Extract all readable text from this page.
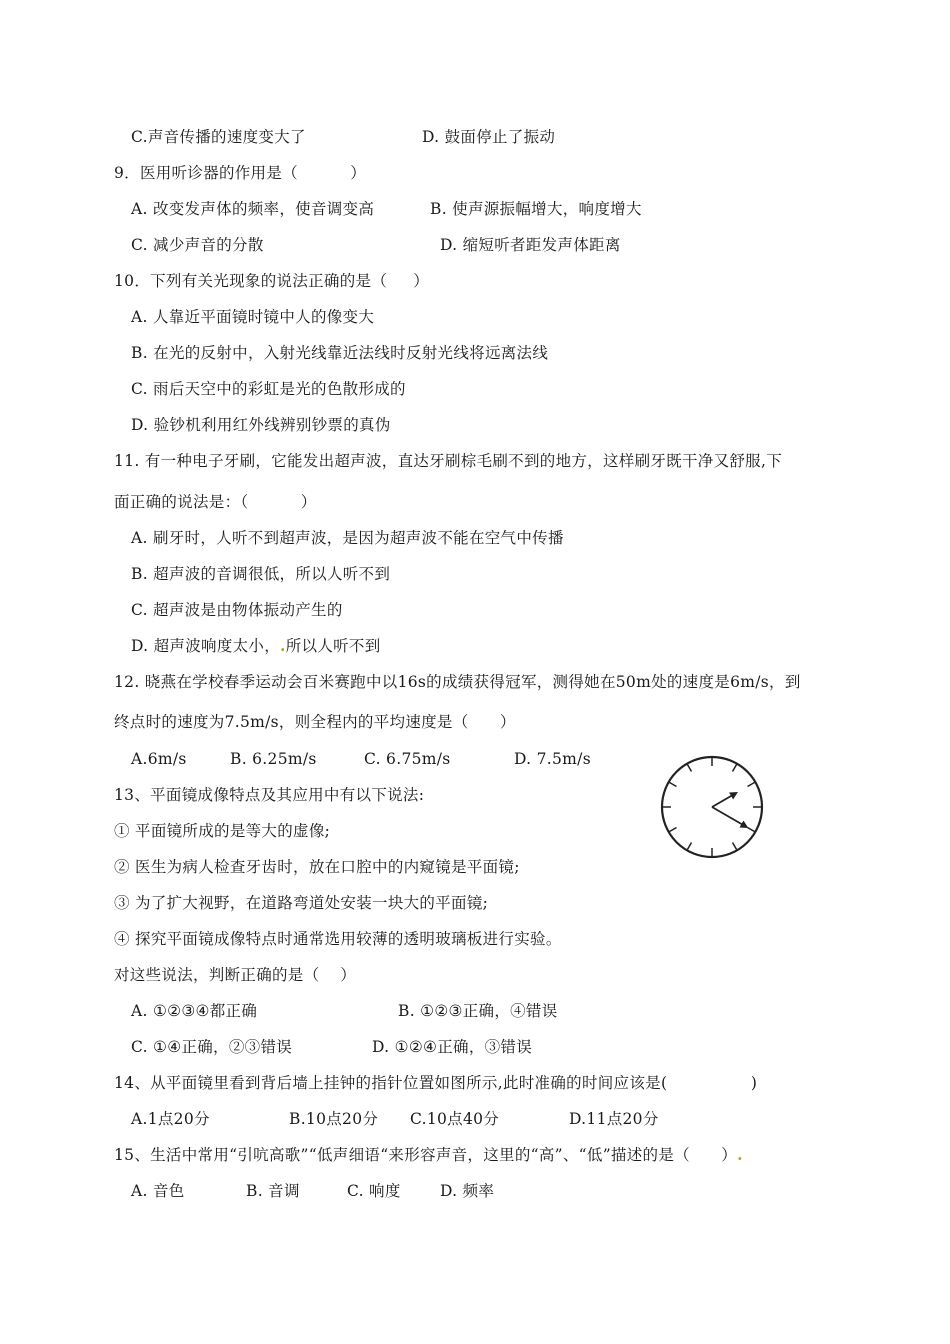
C.声音传播的速度变大了	D. 鼓面停止了振动
9．医用听诊器的作用是（          ）
A. 改变发声体的频率，使音调变高	B. 使声源振幅增大，响度增大
C. 减少声音的分散	D. 缩短听者距发声体距离
10．下列有关光现象的说法正确的是（     ）
A. 人靠近平面镜时镜中人的像变大
B. 在光的反射中，入射光线靠近法线时反射光线将远离法线
C. 雨后天空中的彩虹是光的色散形成的
D. 验钞机利用红外线辨别钞票的真伪
11. 有一种电子牙刷，它能发出超声波，直达牙刷棕毛刷不到的地方，这样刷牙既干净又舒服,下
面正确的说法是：（          ）
A. 刷牙时，人听不到超声波，是因为超声波不能在空气中传播
B. 超声波的音调很低，所以人听不到
C. 超声波是由物体振动产生的
D. 超声波响度太小，.所以人听不到
12. 晓燕在学校春季运动会百米赛跑中以16s的成绩获得冠军，测得她在50m处的速度是6m/s，到
终点时的速度为7.5m/s，则全程内的平均速度是（      ）
A.6m/s	B. 6.25m/s	C. 6.75m/s	D. 7.5m/s
13、平面镜成像特点及其应用中有以下说法:
① 平面镜所成的是等大的虚像;
② 医生为病人检查牙齿时，放在口腔中的内窥镜是平面镜;
③ 为了扩大视野，在道路弯道处安装一块大的平面镜;
④ 探究平面镜成像特点时通常选用较薄的透明玻璃板进行实验。
对这些说法，判断正确的是（    ）
A. ①②③④都正确	B. ①②③正确，④错误
C. ①④正确，②③错误	D. ①②④正确，③错误
14、从平面镜里看到背后墙上挂钟的指针位置如图所示,此时准确的时间应该是(                )
A.1点20分	B.10点20分 C.10点40分	D.11点20分
15、生活中常用“引吭高歌”“低声细语“来形容声音，这里的“高”、“低”描述的是（      ）.
A. 音色	B. 音调	C. 响度	D. 频率
